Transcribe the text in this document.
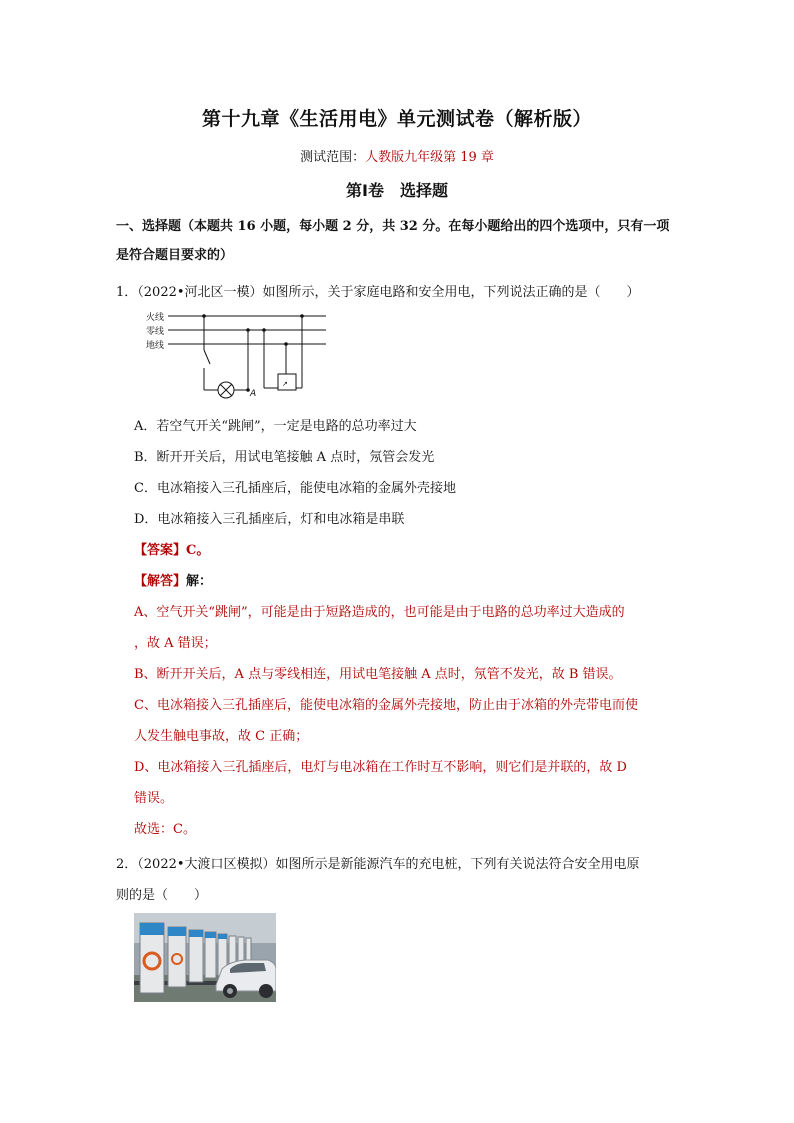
第十九章《生活用电》单元测试卷（解析版）
测试范围：人教版九年级第 19 章
第Ⅰ卷　选择题
一、选择题（本题共 16 小题，每小题 2 分，共 32 分。在每小题给出的四个选项中，只有一项是符合题目要求的）
1．（2022•河北区一模）如图所示，关于家庭电路和安全用电，下列说法正确的是（　　）
火线
零线
地线
A
↗
A．若空气开关“跳闸”，一定是电路的总功率过大
B．断开开关后，用试电笔接触 A 点时，氖管会发光
C．电冰箱接入三孔插座后，能使电冰箱的金属外壳接地
D．电冰箱接入三孔插座后，灯和电冰箱是串联
【答案】C。
【解答】解：
A、空气开关“跳闸”，可能是由于短路造成的，也可能是由于电路的总功率过大造成的
，故 A 错误；
B、断开开关后，A 点与零线相连，用试电笔接触 A 点时，氖管不发光，故 B 错误。
C、电冰箱接入三孔插座后，能使电冰箱的金属外壳接地，防止由于冰箱的外壳带电而使
人发生触电事故，故 C 正确；
D、电冰箱接入三孔插座后，电灯与电冰箱在工作时互不影响，则它们是并联的，故 D
错误。
故选：C。
2．（2022•大渡口区模拟）如图所示是新能源汽车的充电桩，下列有关说法符合安全用电原
则的是（　　）
